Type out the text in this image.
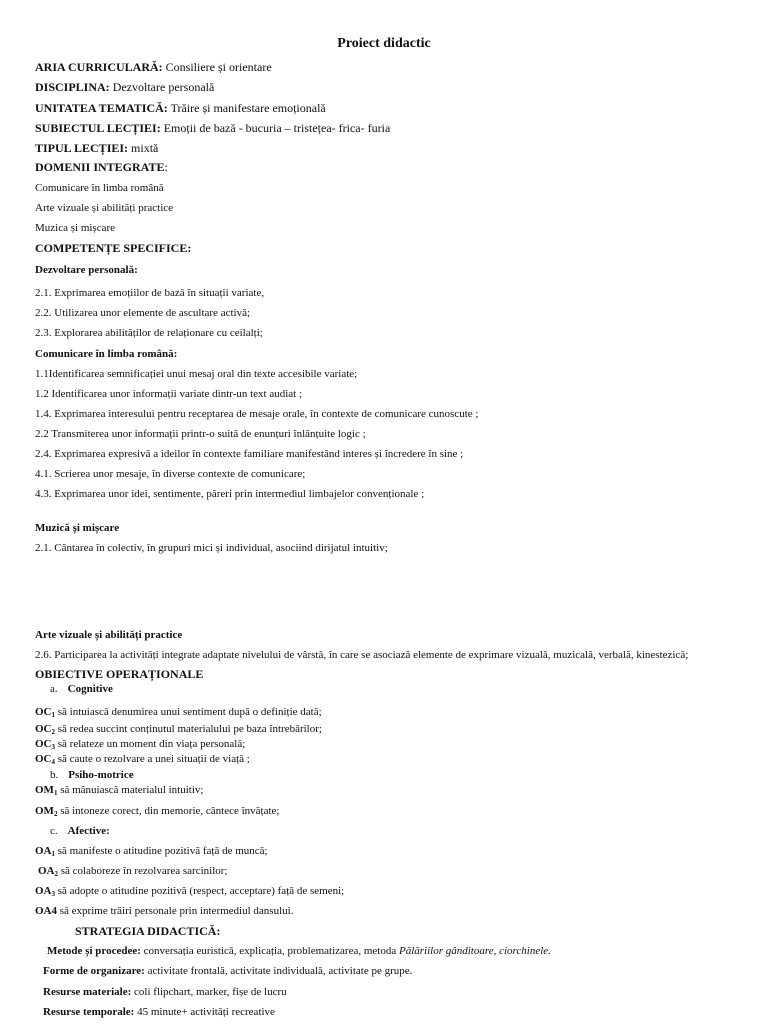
Proiect didactic
ARIA CURRICULARĂ: Consiliere și orientare
DISCIPLINA: Dezvoltare personală
UNITATEA TEMATICĂ: Trăire și manifestare emoțională
SUBIECTUL LECȚIEI: Emoții de bază - bucuria – tristețea- frica- furia
TIPUL LECȚIEI: mixtă
DOMENII INTEGRATE:
Comunicare în limba română
Arte vizuale și abilități practice
Muzica și mișcare
COMPETENȚE SPECIFICE:
Dezvoltare personală:
2.1. Exprimarea emoțiilor de bază în situații variate,
2.2. Utilizarea unor elemente de ascultare activă;
2.3. Explorarea abilităților de relaționare cu ceilalți;
Comunicare în limba română:
1.1Identificarea semnificației unui mesaj oral din texte accesibile variate;
1.2 Identificarea unor informații variate dintr-un text audiat ;
1.4. Exprimarea interesului pentru receptarea de mesaje orale, în contexte de comunicare cunoscute ;
2.2 Transmiterea unor informații printr-o suită de enunțuri înlănțuite logic ;
2.4. Exprimarea expresivă a ideilor în contexte familiare manifestând interes și încredere în sine ;
4.1. Scrierea unor mesaje, în diverse contexte de comunicare;
4.3. Exprimarea unor idei, sentimente, păreri prin intermediul limbajelor convenționale ;
Muzică și mișcare
2.1. Cântarea în colectiv, în grupuri mici și individual, asociind dirijatul intuitiv;
Arte vizuale și abilități practice
2.6. Participarea la activități integrate adaptate nivelului de vârstă, în care se asociază elemente de exprimare vizuală, muzicală, verbală, kinestezică;
OBIECTIVE OPERAȚIONALE
a. Cognitive
$OC_1$ să intuiască denumirea unui sentiment după o definiție dată;
$OC_2$ să redea succint conținutul materialului pe baza întrebărilor;
$OC_3$ să relateze un moment din viața personală;
$OC_4$ să caute o rezolvare a unei situații de viață ;
b. Psiho-motrice
$OM_1$ să mânuiască materialul intuitiv;
$OM_2$ să intoneze corect, din memorie, cântece învățate;
c. Afective:
$OA_1$ să manifeste o atitudine pozitivă față de muncă;
$OA_2$ să colaboreze în rezolvarea sarcinilor;
$OA_3$ să adopte o atitudine pozitivă (respect, acceptare) față de semeni;
OA4 să exprime trăiri personale prin intermediul dansului.
STRATEGIA DIDACTICĂ:
Metode și procedee: conversația euristică, explicația, problematizarea, metoda Pălăriilor gânditoare, ciorchinele.
Forme de organizare: activitate frontală, activitate individuală, activitate pe grupe.
Resurse materiale: coli flipchart, marker, fișe de lucru
Resurse temporale: 45 minute+ activități recreative
